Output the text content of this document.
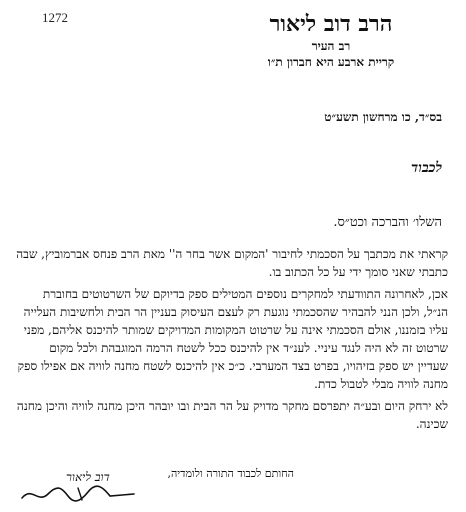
1272	הרב דוב ליאור
רב העיר
קריית ארבע היא חברון ת״ו
בס״ד, כו מרחשון תשע״ט
לכבוד
השלו׳ והברכה וכט״ס.

קראתי את מכתבך על הסכמתי לחיבור 'המקום אשר בחר ה'' מאת הרב פנחס אברמוביץ, שבה כתבתי שאני סומך ידי על כל הכתוב בו.

אכן, לאחרונה התוודעתי למחקרים נוספים המטילים ספק בדיוקם של השרטוטים בחוברת הנ״ל, ולכן הנני להבהיר שהסכמתי נוגעת רק לעצם העיסוק בעניין הר הבית ולחשיבות העלייה עליו בזמננו, אולם הסכמתי אינה על שרטוט המקומות המדויקים שמותר להיכנס אליהם, מפני שרטוט זה לא היה לנגד עיניי. לענ״ד אין להיכנס ככל לשטח הרמה המוגבהת ולכל מקום שעדיין יש ספק בזיהויו, בפרט בצד המערבי. כ״כ אין להיכנס לשטח מחנה לוויה אם אפילו ספק מחנה לוויה מבלי לטבול כדת.

לא ירחק היום ובע״ה יתפרסם מחקר מדויק על הר הבית ובו יובהר היכן מחנה לוויה והיכן מחנה שכינה.

החותם לכבוד התורה ולומדיה,
דוב ליאור
